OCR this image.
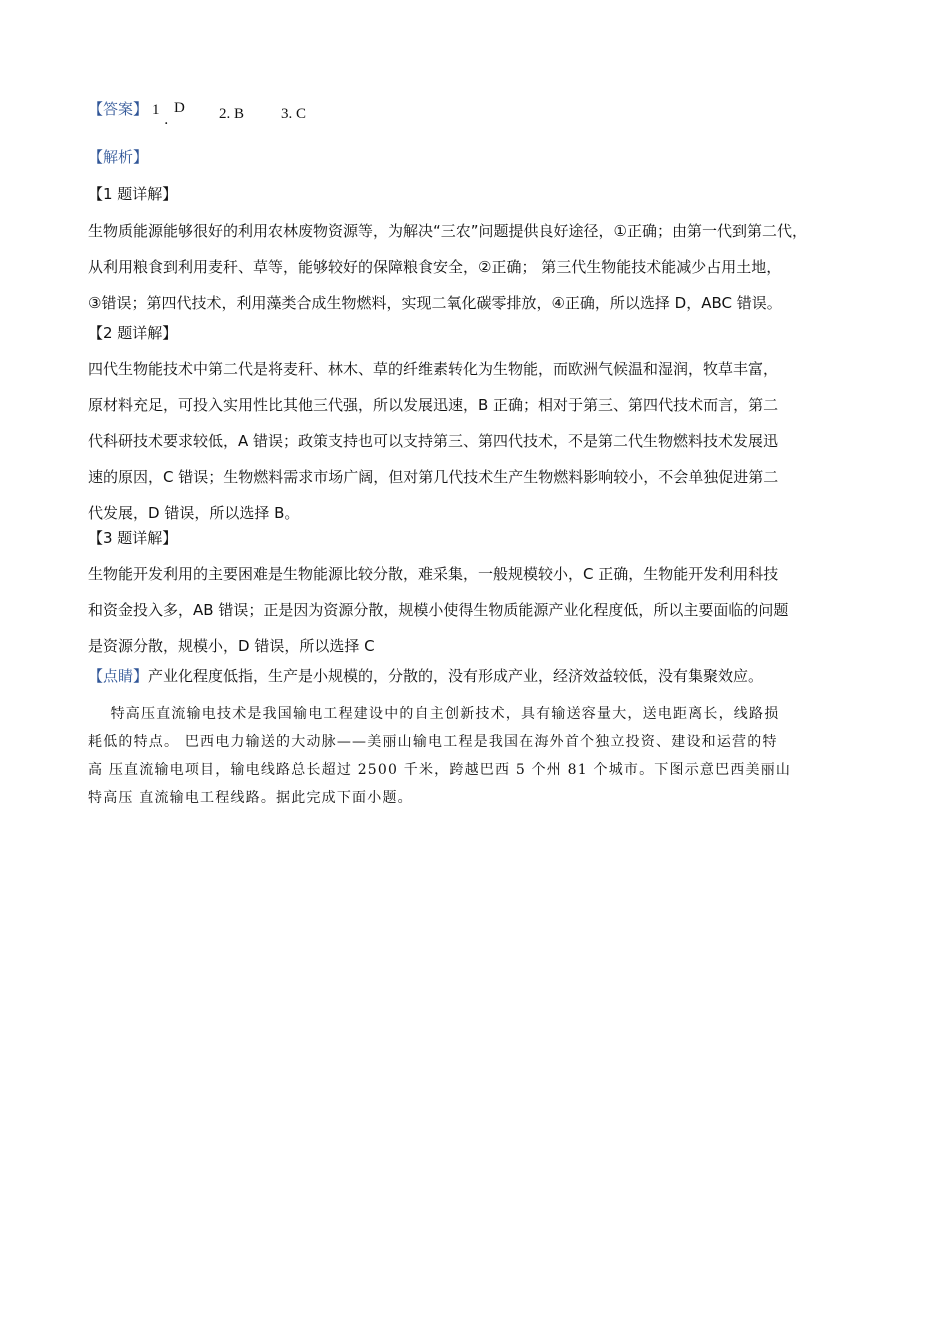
【答案】 1
.
D 2. B 3. C
【解析】
【1 题详解】
生物质能源能够很好的利用农林废物资源等，为解决“三农”问题提供良好途径，①正确；由第一代到第二代，
从利用粮食到利用麦秆、草等，能够较好的保障粮食安全，②正确； 第三代生物能技术能减少占用土地，
③错误；第四代技术，利用藻类合成生物燃料，实现二氧化碳零排放，④正确，所以选择 D，ABC 错误。
【2 题详解】
四代生物能技术中第二代是将麦秆、林木、草的纤维素转化为生物能，而欧洲气候温和湿润，牧草丰富，
原材料充足，可投入实用性比其他三代强，所以发展迅速，B 正确；相对于第三、第四代技术而言，第二
代科研技术要求较低，A 错误；政策支持也可以支持第三、第四代技术，不是第二代生物燃料技术发展迅
速的原因，C 错误；生物燃料需求市场广阔，但对第几代技术生产生物燃料影响较小，不会单独促进第二
代发展，D 错误，所以选择 B。
【3 题详解】
生物能开发利用的主要困难是生物能源比较分散，难采集，一般规模较小，C 正确，生物能开发利用科技
和资金投入多，AB 错误；正是因为资源分散，规模小使得生物质能源产业化程度低，所以主要面临的问题
是资源分散，规模小，D 错误，所以选择 C
【点睛】产业化程度低指，生产是小规模的，分散的，没有形成产业，经济效益较低，没有集聚效应。
特高压直流输电技术是我国输电工程建设中的自主创新技术，具有输送容量大，送电距离长，线路损
耗低的特点。 巴西电力输送的大动脉——美丽山输电工程是我国在海外首个独立投资、建设和运营的特
高 压直流输电项目，输电线路总长超过 2500 千米，跨越巴西 5 个州 81 个城市。下图示意巴西美丽山
特高压 直流输电工程线路。据此完成下面小题。
